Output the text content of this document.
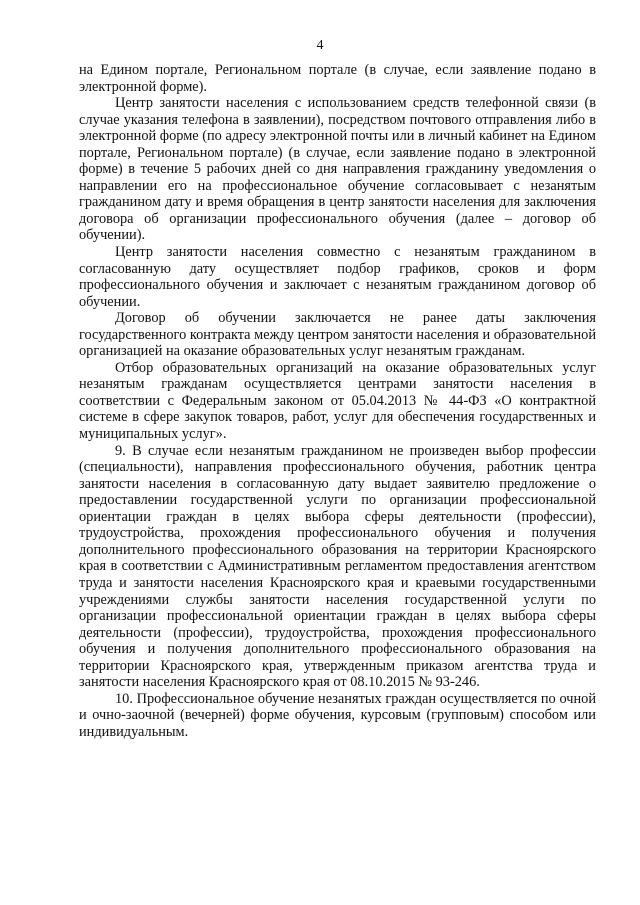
4

на Едином портале, Региональном портале (в случае, если заявление подано в электронной форме).

Центр занятости населения с использованием средств телефонной связи (в случае указания телефона в заявлении), посредством почтового отправления либо в электронной форме (по адресу электронной почты или в личный кабинет на Едином портале, Региональном портале) (в случае, если заявление подано в электронной форме) в течение 5 рабочих дней со дня направления гражданину уведомления о направлении его на профессиональное обучение согласовывает с незанятым гражданином дату и время обращения в центр занятости населения для заключения договора об организации профессионального обучения (далее – договор об обучении).

Центр занятости населения совместно с незанятым гражданином в согласованную дату осуществляет подбор графиков, сроков и форм профессионального обучения и заключает с незанятым гражданином договор об обучении.

Договор об обучении заключается не ранее даты заключения государственного контракта между центром занятости населения и образовательной организацией на оказание образовательных услуг незанятым гражданам.

Отбор образовательных организаций на оказание образовательных услуг незанятым гражданам осуществляется центрами занятости населения в соответствии с Федеральным законом от 05.04.2013 № 44-ФЗ «О контрактной системе в сфере закупок товаров, работ, услуг для обеспечения государственных и муниципальных услуг».

9. В случае если незанятым гражданином не произведен выбор профессии (специальности), направления профессионального обучения, работник центра занятости населения в согласованную дату выдает заявителю предложение о предоставлении государственной услуги по организации профессиональной ориентации граждан в целях выбора сферы деятельности (профессии), трудоустройства, прохождения профессионального обучения и получения дополнительного профессионального образования на территории Красноярского края в соответствии с Административным регламентом предоставления агентством труда и занятости населения Красноярского края и краевыми государственными учреждениями службы занятости населения государственной услуги по организации профессиональной ориентации граждан в целях выбора сферы деятельности (профессии), трудоустройства, прохождения профессионального обучения и получения дополнительного профессионального образования на территории Красноярского края, утвержденным приказом агентства труда и занятости населения Красноярского края от 08.10.2015 № 93-246.

10. Профессиональное обучение незанятых граждан осуществляется по очной и очно-заочной (вечерней) форме обучения, курсовым (групповым) способом или индивидуальным.
